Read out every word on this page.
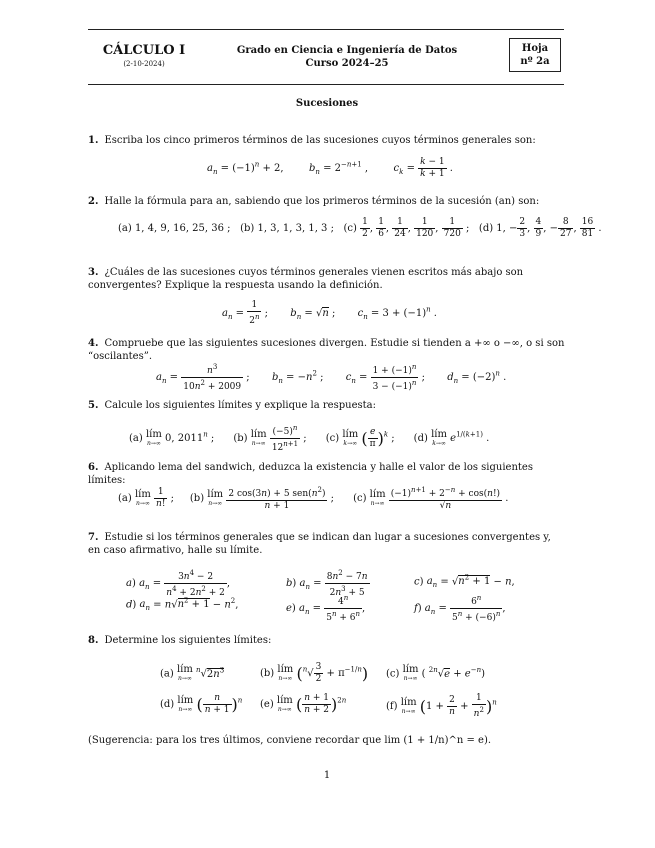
CÁLCULO I
(2-10-2024)
Grado en Ciencia e Ingeniería de Datos
Curso 2024–25
Hoja
nº 2a
Sucesiones
1. Escriba los cinco primeros términos de las sucesiones cuyos términos generales son:
$a_n = (-1)^n + 2$,        $b_n = 2^{-n+1}$ ,        $c_k = \frac{k - 1}{k + 1}$ .
2. Halle la fórmula para an, sabiendo que los primeros términos de la sucesión (an) son:
(a) 1, 4, 9, 16, 25, 36 ;   (b) 1, 3, 1, 3, 1, 3 ;   $(c) \frac{1}{2}$ , $\frac{1}{6}$ , $\frac{1}{24}$ , $\frac{1}{120}$ , $\frac{1}{720}$ ;   (d) 1, − $\frac{2}{3}$ , $\frac{4}{9}$ , − $\frac{8}{27}$ , $\frac{16}{81}$ .
3. ¿Cuáles de las sucesiones cuyos términos generales vienen escritos más abajo son convergentes? Explique la respuesta usando la definición.
$a_n = \frac{1}{2^n}$ ;       $b_n = √n$ ;       $c_n = 3 + (-1)^n$ .
4. Compruebe que las siguientes sucesiones divergen. Estudie si tienden a +∞ o −∞, o si son “oscilantes”.
$a_n = \frac{n^3}{10n^2 + 2009}$ ;       $b_n = -n^2$ ;       $c_n = \frac{1 + (-1)^n}{3 - (-1)^n}$ ;       $d_n = (-2)^n$ .
5. Calcule los siguientes límites y explique la respuesta:
(a) lím
n→∞ 0, 2011$^n$ ;      (b) lím
n→∞
$\frac{(-5)^n}{12^{n+1}}$ ;      (c) lím
k→∞ ( $\frac{e}{\pi} )^k$ ;      (d) lím
k→∞ $e^{1/(k+1)}$ .
6. Aplicando lema del sandwich, deduzca la existencia y halle el valor de los siguientes límites:
(a) lím
n→∞
$\frac{1}{n!}$ ;     (b) lím
n→∞
$\frac{2 \cos(3n) + 5 sen(n^2)}{n + 1}$ ;      (c) lím
n→∞
$\frac{(-1)^{n+1} + 2^{-n} + \cos(n!)}{√n}$ .
7. Estudie si los términos generales que se indican dan lugar a sucesiones convergentes y, en caso afirmativo, halle su límite.
a) $a_n = \frac{3n^4 - 2}{n^4 + 2n^2 + 2}$ ,	b) $a_n = \frac{8n^2 - 7n}{2n^3 + 5}$	c) $a_n = √n^2 + 1 - n$,
d) $a_n = n√n^2 + 1 - n^2$,	e) $a_n = \frac{4^n}{5^n + 6^n}$ ,	f) $a_n = \frac{6^n}{5^n + (-6)^n}$ ,
8. Determine los siguientes límites:
(a) lím
n→∞
$^n√2n^3$	(b) lím
n→∞ $(^n√ \frac{3}{2} + \pi^{-1/n})$ (c) lím
n→∞ ( $^{2n}√e + e^{-n}$)
(d) lím
n→∞ ( $\frac{n}{n + 1} )^n$ (e) lím
n→∞ ( $\frac{n + 1}{n + 2} )^{2n}$
(f) lím
n→∞ $(1 + \frac{2}{n} + \frac{1}{n^2} )^n$
(Sugerencia: para los tres últimos, conviene recordar que lim (1 + 1/n)^n = e).
1
